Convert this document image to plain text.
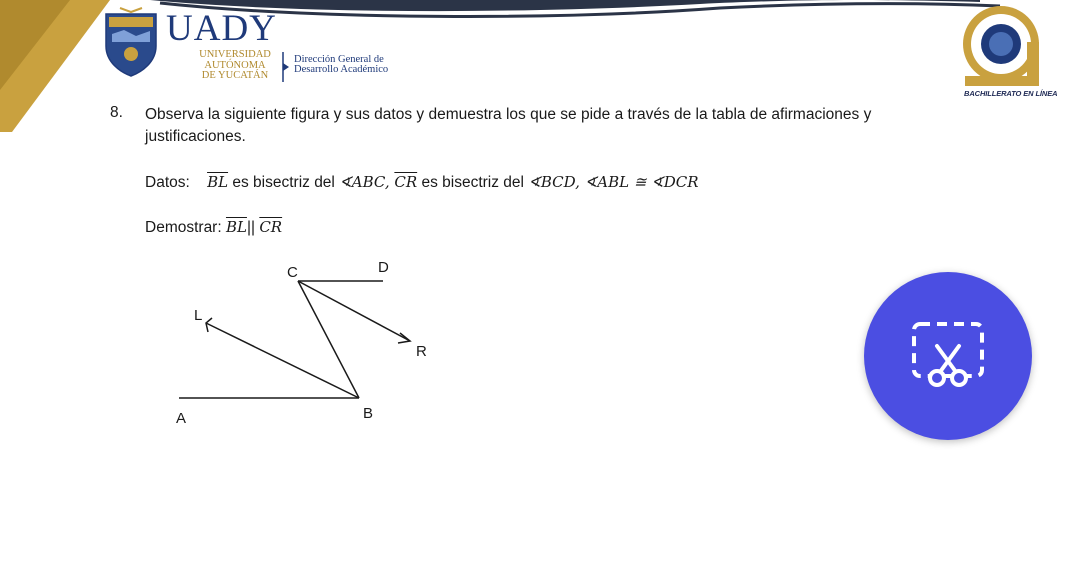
UADY
UNIVERSIDAD
AUTÓNOMA
DE YUCATÁN
Dirección General de
Desarrollo Académico
BACHILLERATO EN LÍNEA
8. Observa la siguiente figura y sus datos y demuestra los que se pide a través de la tabla de afirmaciones y justificaciones.
Datos: $\overline{BL}$ es bisectriz del ∢ABC, $\overline{CR}$ es bisectriz del ∢BCD, ∢ABL ≅ ∢DCR
Demostrar: $\overline{BL}||$ $\overline{CR}$
C	D
L
R
A	B
